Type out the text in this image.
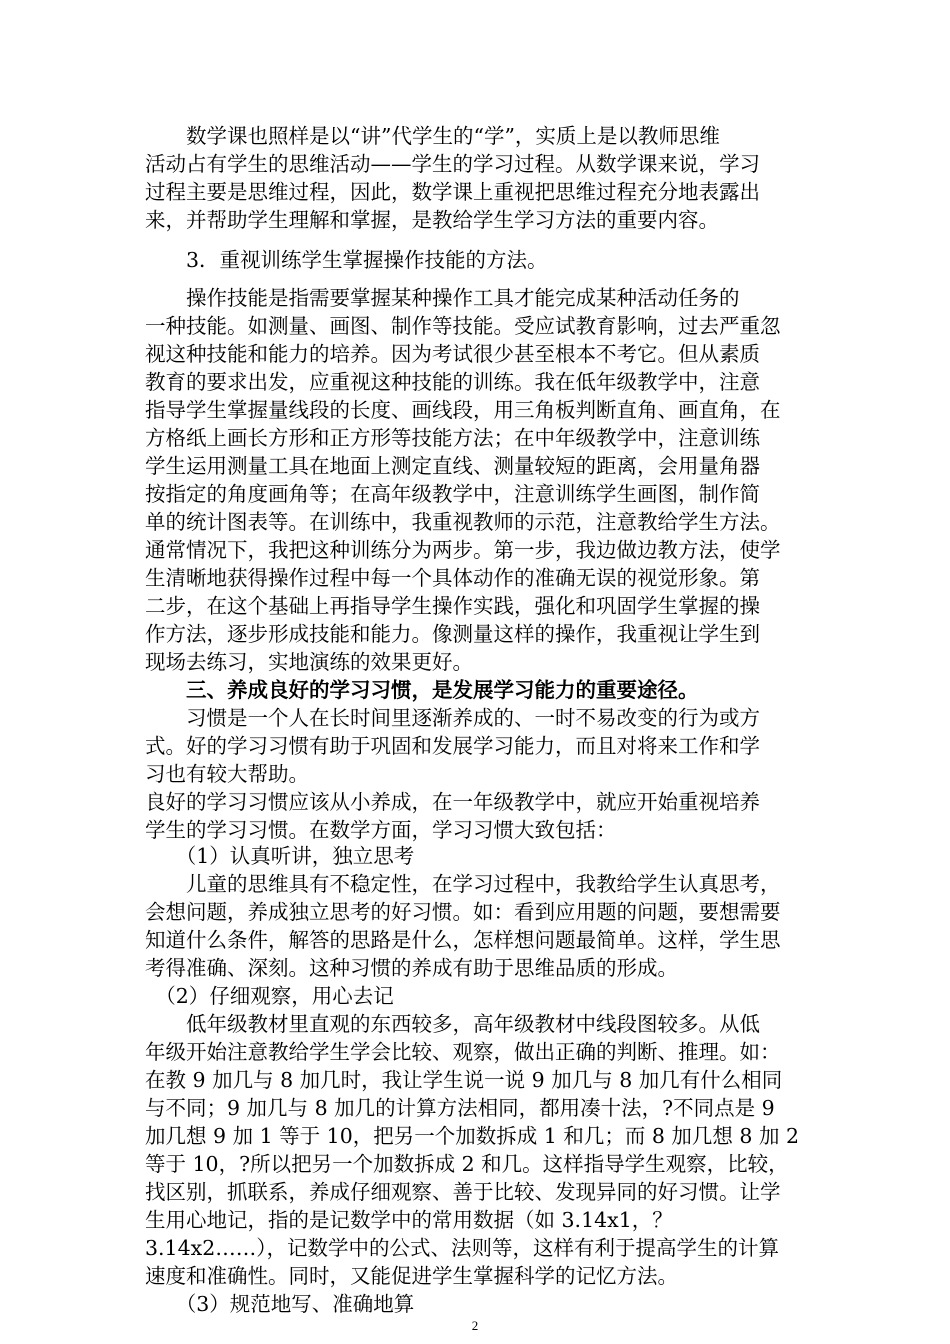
　　数学课也照样是以“讲”代学生的“学”，实质上是以教师思维
活动占有学生的思维活动——学生的学习过程。从数学课来说，学习
过程主要是思维过程，因此，数学课上重视把思维过程充分地表露出
来，并帮助学生理解和掌握，是教给学生学习方法的重要内容。
　　3．重视训练学生掌握操作技能的方法。
　　操作技能是指需要掌握某种操作工具才能完成某种活动任务的
一种技能。如测量、画图、制作等技能。受应试教育影响，过去严重忽
视这种技能和能力的培养。因为考试很少甚至根本不考它。但从素质
教育的要求出发，应重视这种技能的训练。我在低年级教学中，注意
指导学生掌握量线段的长度、画线段，用三角板判断直角、画直角，在
方格纸上画长方形和正方形等技能方法；在中年级教学中，注意训练
学生运用测量工具在地面上测定直线、测量较短的距离，会用量角器
按指定的角度画角等；在高年级教学中，注意训练学生画图，制作简
单的统计图表等。在训练中，我重视教师的示范，注意教给学生方法。
通常情况下，我把这种训练分为两步。第一步，我边做边教方法，使学
生清晰地获得操作过程中每一个具体动作的准确无误的视觉形象。第
二步，在这个基础上再指导学生操作实践，强化和巩固学生掌握的操
作方法，逐步形成技能和能力。像测量这样的操作，我重视让学生到
现场去练习，实地演练的效果更好。
　　三、养成良好的学习习惯，是发展学习能力的重要途径。
　　习惯是一个人在长时间里逐渐养成的、一时不易改变的行为或方
式。好的学习习惯有助于巩固和发展学习能力，而且对将来工作和学
习也有较大帮助。
良好的学习习惯应该从小养成，在一年级教学中，就应开始重视培养
学生的学习习惯。在数学方面，学习习惯大致包括：
　　（1）认真听讲，独立思考
　　儿童的思维具有不稳定性，在学习过程中，我教给学生认真思考，
会想问题，养成独立思考的好习惯。如：看到应用题的问题，要想需要
知道什么条件，解答的思路是什么，怎样想问题最简单。这样，学生思
考得准确、深刻。这种习惯的养成有助于思维品质的形成。
　（2）仔细观察，用心去记
　　低年级教材里直观的东西较多，高年级教材中线段图较多。从低
年级开始注意教给学生学会比较、观察，做出正确的判断、推理。如：
在教 9 加几与 8 加几时，我让学生说一说 9 加几与 8 加几有什么相同
与不同；9 加几与 8 加几的计算方法相同，都用凑十法，?不同点是 9
加几想 9 加 1 等于 10，把另一个加数拆成 1 和几；而 8 加几想 8 加 2
等于 10，?所以把另一个加数拆成 2 和几。这样指导学生观察，比较，
找区别，抓联系，养成仔细观察、善于比较、发现异同的好习惯。让学
生用心地记，指的是记数学中的常用数据（如 3.14x1，？
3.14x2……），记数学中的公式、法则等，这样有利于提高学生的计算
速度和准确性。同时，又能促进学生掌握科学的记忆方法。
　　（3）规范地写、准确地算
2
